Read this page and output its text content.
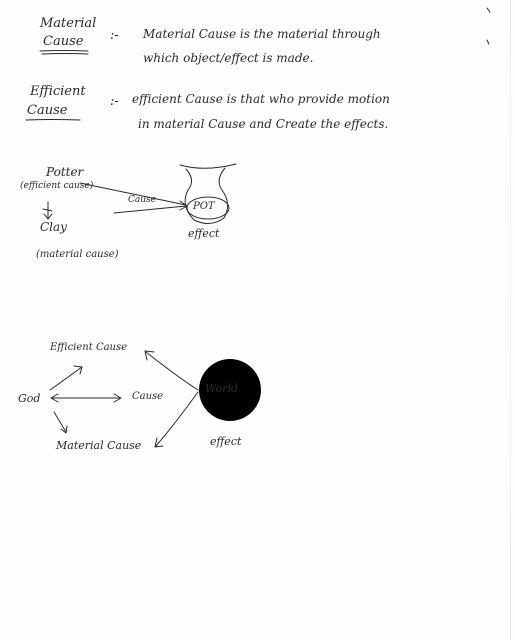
Material
Cause :- Material Cause is the material through
which object/effect is made.
Efficient
Cause
:- efficient Cause is that who provide motion
in material Cause and Create the effects.
Potter
(efficient cause)
Cause
POT
effect
Clay
(material cause)
Efficient Cause
God	Cause
World
Material Cause	effect
